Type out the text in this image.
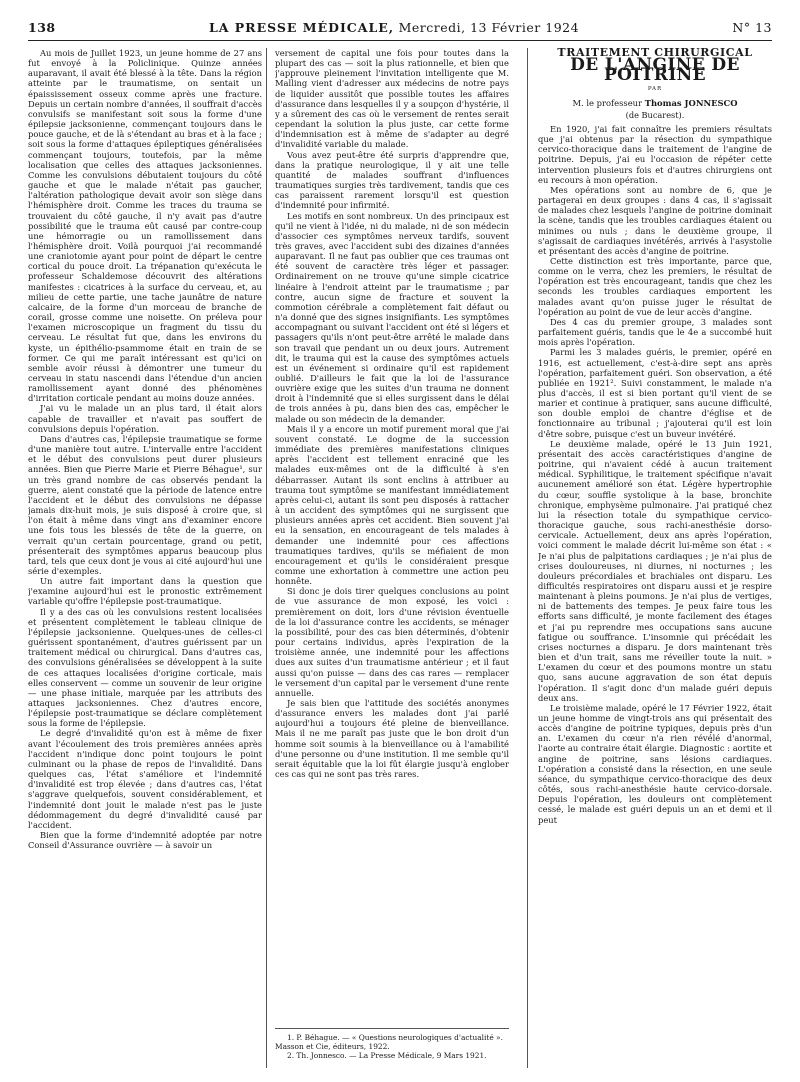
138	LA PRESSE MÉDICALE, Mercredi, 13 Février 1924	N° 13

Au mois de Juillet 1923, un jeune homme de 27 ans fut envoyé à la Policlinique. Quinze années auparavant, il avait été blessé à la tête. Dans la région atteinte par le traumatisme, on sentait un épaississement osseux comme après une fracture. Depuis un certain nombre d'années, il souffrait d'accès convulsifs se manifestant soit sous la forme d'une épilepsie jacksonienne, commençant toujours dans le pouce gauche, et de là s'étendant au bras et à la face ; soit sous la forme d'attaques épileptiques généralisées commençant toujours, toutefois, par la même localisation que celles des attaques jacksoniennes. Comme les convulsions débutaient toujours du côté gauche et que le malade n'était pas gaucher, l'altération pathologique devait avoir son siège dans l'hémisphère droit. Comme les traces du trauma se trouvaient du côté gauche, il n'y avait pas d'autre possibilité que le trauma eût causé par contre-coup une hémorragie ou un ramollissement dans l'hémisphère droit. Voilà pourquoi j'ai recommandé une craniotomie ayant pour point de départ le centre cortical du pouce droit. La trépanation qu'exécuta le professeur Schaldemose découvrit des altérations manifestes : cicatrices à la surface du cerveau, et, au milieu de cette partie, une tache jaunâtre de nature calcaire, de la forme d'un morceau de branche de corail, grosse comme une noisette. On préleva pour l'examen microscopique un fragment du tissu du cerveau. Le résultat fut que, dans les environs du kyste, un épithélio-psammome était en train de se former. Ce qui me paraît intéressant est qu'ici on semble avoir réussi à démontrer une tumeur du cerveau in statu nascendi dans l'étendue d'un ancien ramollissement ayant donné des phénomènes d'irritation corticale pendant au moins douze années.

J'ai vu le malade un an plus tard, il était alors capable de travailler et n'avait pas souffert de convulsions depuis l'opération.

Dans d'autres cas, l'épilepsie traumatique se forme d'une manière tout autre. L'intervalle entre l'accident et le début des convulsions peut durer plusieurs années. Bien que Pierre Marie et Pierre Béhague¹, sur un très grand nombre de cas observés pendant la guerre, aient constaté que la période de latence entre l'accident et le début des convulsions ne dépasse jamais dix-huit mois, je suis disposé à croire que, si l'on était à même dans vingt ans d'examiner encore une fois tous les blessés de tête de la guerre, on verrait qu'un certain pourcentage, grand ou petit, présenterait des symptômes apparus beaucoup plus tard, tels que ceux dont je vous ai cité aujourd'hui une série d'exemples.

Un autre fait important dans la question que j'examine aujourd'hui est le pronostic extrêmement variable qu'offre l'épilepsie post-traumatique.

Il y a des cas où les convulsions restent localisées et présentent complètement le tableau clinique de l'épilepsie jacksonienne. Quelques-unes de celles-ci guérissent spontanément, d'autres guérissent par un traitement médical ou chirurgical. Dans d'autres cas, des convulsions généralisées se développent à la suite de ces attaques localisées d'origine corticale, mais elles conservent — comme un souvenir de leur origine — une phase initiale, marquée par les attributs des attaques jacksoniennes. Chez d'autres encore, l'épilepsie post-traumatique se déclare complètement sous la forme de l'épilepsie.

Le degré d'invalidité qu'on est à même de fixer avant l'écoulement des trois premières années après l'accident n'indique donc point toujours le point culminant ou la phase de repos de l'invalidité. Dans quelques cas, l'état s'améliore et l'indemnité d'invalidité est trop élevée ; dans d'autres cas, l'état s'aggrave quelquefois, souvent considérablement, et l'indemnité dont jouit le malade n'est pas le juste dédommagement du degré d'invalidité causé par l'accident.

Bien que la forme d'indemnité adoptée par notre Conseil d'Assurance ouvrière — à savoir un

versement de capital une fois pour toutes dans la plupart des cas — soit la plus rationnelle, et bien que j'approuve pleinement l'invitation intelligente que M. Malling vient d'adresser aux médecins de notre pays de liquider aussitôt que possible toutes les affaires d'assurance dans lesquelles il y a soupçon d'hystérie, il y a sûrement des cas où le versement de rentes serait cependant la solution la plus juste, car cette forme d'indemnisation est à même de s'adapter au degré d'invalidité variable du malade.

Vous avez peut-être été surpris d'apprendre que, dans la pratique neurologique, il y ait une telle quantité de malades souffrant d'influences traumatiques surgies très tardivement, tandis que ces cas paraissent rarement lorsqu'il est question d'indemnité pour infirmité.

Les motifs en sont nombreux. Un des principaux est qu'il ne vient à l'idée, ni du malade, ni de son médecin d'associer ces symptômes nerveux tardifs, souvent très graves, avec l'accident subi des dizaines d'années auparavant. Il ne faut pas oublier que ces traumas ont été souvent de caractère très léger et passager. Ordinairement on ne trouve qu'une simple cicatrice linéaire à l'endroit atteint par le traumatisme ; par contre, aucun signe de fracture et souvent la commotion cérébrale a complètement fait défaut ou n'a donné que des signes insignifiants. Les symptômes accompagnant ou suivant l'accident ont été si légers et passagers qu'ils n'ont peut-être arrêté le malade dans son travail que pendant un ou deux jours. Autrement dit, le trauma qui est la cause des symptômes actuels est un événement si ordinaire qu'il est rapidement oublié. D'ailleurs le fait que la loi de l'assurance ouvrière exige que les suites d'un trauma ne donnent droit à l'indemnité que si elles surgissent dans le délai de trois années à pu, dans bien des cas, empêcher le malade ou son médecin de la demander.

Mais il y a encore un motif purement moral que j'ai souvent constaté. Le dogme de la succession immédiate des premières manifestations cliniques après l'accident est tellement enraciné que les malades eux-mêmes ont de la difficulté à s'en débarrasser. Autant ils sont enclins à attribuer au trauma tout symptôme se manifestant immédiatement après celui-ci, autant ils sont peu disposés à rattacher à un accident des symptômes qui ne surgissent que plusieurs années après cet accident. Bien souvent j'ai eu la sensation, en encourageant de tels malades à demander une indemnité pour ces affections traumatiques tardives, qu'ils se méfiaient de mon encouragement et qu'ils le considéraient presque comme une exhortation à commettre une action peu honnête.

Si donc je dois tirer quelques conclusions au point de vue assurance de mon exposé, les voici : premièrement on doit, lors d'une révision éventuelle de la loi d'assurance contre les accidents, se ménager la possibilité, pour des cas bien déterminés, d'obtenir pour certains individus, après l'expiration de la troisième année, une indemnité pour les affections dues aux suites d'un traumatisme antérieur ; et il faut aussi qu'on puisse — dans des cas rares — remplacer le versement d'un capital par le versement d'une rente annuelle.

Je sais bien que l'attitude des sociétés anonymes d'assurance envers les malades dont j'ai parlé aujourd'hui a toujours été pleine de bienveillance. Mais il ne me paraît pas juste que le bon droit d'un homme soit soumis à la bienveillance ou à l'amabilité d'une personne ou d'une institution. Il me semble qu'il serait équitable que la loi fût élargie jusqu'à englober ces cas qui ne sont pas très rares.

1. P. Béhague. — « Questions neurologiques d'actualité ». Masson et Cie, éditeurs, 1922.
2. Th. Jonnesco. — La Presse Médicale, 9 Mars 1921.
TRAITEMENT CHIRURGICAL
DE L'ANGINE DE POITRINE
PAR
M. le professeur Thomas JONNESCO
(de Bucarest).

En 1920, j'ai fait connaître les premiers résultats que j'ai obtenus par la résection du sympathique cervico-thoracique dans le traitement de l'angine de poitrine. Depuis, j'ai eu l'occasion de répéter cette intervention plusieurs fois et d'autres chirurgiens ont eu recours à mon opération.

Mes opérations sont au nombre de 6, que je partagerai en deux groupes : dans 4 cas, il s'agissait de malades chez lesquels l'angine de poitrine dominait la scène, tandis que les troubles cardiaques étaient ou minimes ou nuls ; dans le deuxième groupe, il s'agissait de cardiaques invétérés, arrivés à l'asystolie et présentant des accès d'angine de poitrine.

Cette distinction est très importante, parce que, comme on le verra, chez les premiers, le résultat de l'opération est très encourageant, tandis que chez les seconds les troubles cardiaques emportent les malades avant qu'on puisse juger le résultat de l'opération au point de vue de leur accès d'angine.

Des 4 cas du premier groupe, 3 malades sont parfaitement guéris, tandis que le 4e a succombé huit mois après l'opération.

Parmi les 3 malades guéris, le premier, opéré en 1916, est actuellement, c'est-à-dire sept ans après l'opération, parfaitement guéri. Son observation, a été publiée en 1921². Suivi constamment, le malade n'a plus d'accès, il est si bien portant qu'il vient de se marier et continue à pratiquer, sans aucune difficulté, son double emploi de chantre d'église et de fonctionnaire au tribunal ; j'ajouterai qu'il est loin d'être sobre, puisque c'est un buveur invétéré.

Le deuxième malade, opéré le 13 Juin 1921, présentait des accès caractéristiques d'angine de poitrine, qui n'avaient cédé à aucun traitement médical. Syphilitique, le traitement spécifique n'avait aucunement amélioré son état. Légère hypertrophie du cœur, souffle systolique à la base, bronchite chronique, emphysème pulmonaire. J'ai pratiqué chez lui la résection totale du sympathique cervico-thoracique gauche, sous rachi-anesthésie dorso-cervicale. Actuellement, deux ans après l'opération, voici comment le malade décrit lui-même son état : « Je n'ai plus de palpitations cardiaques ; je n'ai plus de crises douloureuses, ni diurnes, ni nocturnes ; les douleurs précordiales et brachiales ont disparu. Les difficultés respiratoires ont disparu aussi et je respire maintenant à pleins poumons. Je n'ai plus de vertiges, ni de battements des tempes. Je peux faire tous les efforts sans difficulté, je monte facilement des étages et j'ai pu reprendre mes occupations sans aucune fatigue ou souffrance. L'insomnie qui précédait les crises nocturnes a disparu. Je dors maintenant très bien et d'un trait, sans me réveiller toute la nuit. » L'examen du cœur et des poumons montre un statu quo, sans aucune aggravation de son état depuis l'opération. Il s'agit donc d'un malade guéri depuis deux ans.

Le troisième malade, opéré le 17 Février 1922, était un jeune homme de vingt-trois ans qui présentait des accès d'angine de poitrine typiques, depuis près d'un an. L'examen du cœur n'a rien révélé d'anormal, l'aorte au contraire était élargie. Diagnostic : aortite et angine de poitrine, sans lésions cardiaques. L'opération a consisté dans la résection, en une seule séance, du sympathique cervico-thoracique des deux côtés, sous rachi-anesthésie haute cervico-dorsale. Depuis l'opération, les douleurs ont complètement cessé, le malade est guéri depuis un an et demi et il peut
